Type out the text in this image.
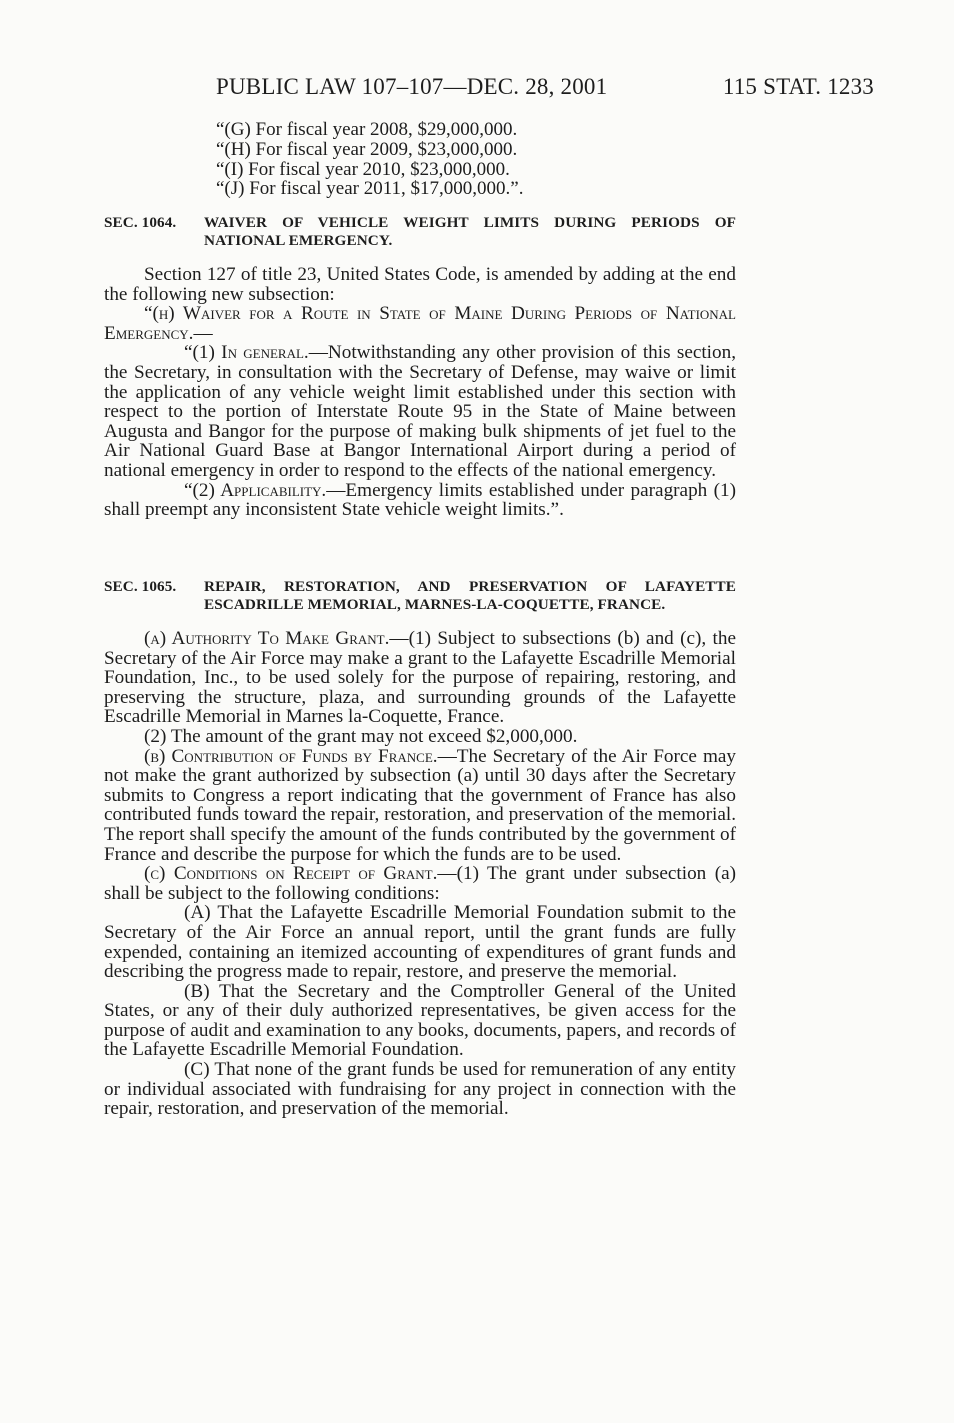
PUBLIC LAW 107–107—DEC. 28, 2001	115 STAT. 1233

“(G) For fiscal year 2008, $29,000,000.

“(H) For fiscal year 2009, $23,000,000.

“(I) For fiscal year 2010, $23,000,000.

“(J) For fiscal year 2011, $17,000,000.”.

SEC. 1064.	WAIVER OF VEHICLE WEIGHT LIMITS DURING PERIODS OF NATIONAL EMERGENCY.

Section 127 of title 23, United States Code, is amended by adding at the end the following new subsection:

“(h) Waiver for a Route in State of Maine During Periods of National Emergency.—

“(1) In general.—Notwithstanding any other provision of this section, the Secretary, in consultation with the Secretary of Defense, may waive or limit the application of any vehicle weight limit established under this section with respect to the portion of Interstate Route 95 in the State of Maine between Augusta and Bangor for the purpose of making bulk shipments of jet fuel to the Air National Guard Base at Bangor International Airport during a period of national emergency in order to respond to the effects of the national emergency.

“(2) Applicability.—Emergency limits established under paragraph (1) shall preempt any inconsistent State vehicle weight limits.”.

SEC. 1065.	REPAIR, RESTORATION, AND PRESERVATION OF LAFAYETTE ESCADRILLE MEMORIAL, MARNES-LA-COQUETTE, FRANCE.

(a) Authority To Make Grant.—(1) Subject to subsections (b) and (c), the Secretary of the Air Force may make a grant to the Lafayette Escadrille Memorial Foundation, Inc., to be used solely for the purpose of repairing, restoring, and preserving the structure, plaza, and surrounding grounds of the Lafayette Escadrille Memorial in Marnes la-Coquette, France.

(2) The amount of the grant may not exceed $2,000,000.

(b) Contribution of Funds by France.—The Secretary of the Air Force may not make the grant authorized by subsection (a) until 30 days after the Secretary submits to Congress a report indicating that the government of France has also contributed funds toward the repair, restoration, and preservation of the memorial. The report shall specify the amount of the funds contributed by the government of France and describe the purpose for which the funds are to be used.

(c) Conditions on Receipt of Grant.—(1) The grant under subsection (a) shall be subject to the following conditions:

(A) That the Lafayette Escadrille Memorial Foundation submit to the Secretary of the Air Force an annual report, until the grant funds are fully expended, containing an itemized accounting of expenditures of grant funds and describing the progress made to repair, restore, and preserve the memorial.

(B) That the Secretary and the Comptroller General of the United States, or any of their duly authorized representatives, be given access for the purpose of audit and examination to any books, documents, papers, and records of the Lafayette Escadrille Memorial Foundation.

(C) That none of the grant funds be used for remuneration of any entity or individual associated with fundraising for any project in connection with the repair, restoration, and preservation of the memorial.
